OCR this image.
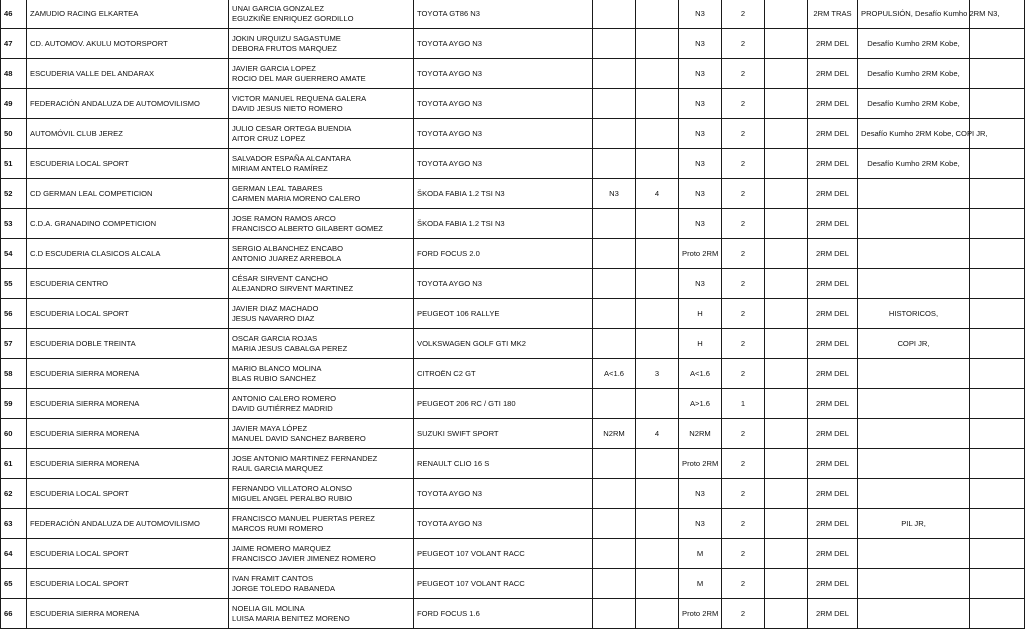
46	ZAMUDIO RACING ELKARTEA	UNAI GARCIA GONZALEZ
EGUZKIÑE ENRIQUEZ GORDILLO	TOYOTA GT86 N3			N3	2		2RM TRAS	PROPULSIÓN, Desafío Kumho 2RM N3,	
47	CD. AUTOMOV. AKULU MOTORSPORT	JOKIN URQUIZU SAGASTUME
DEBORA FRUTOS MARQUEZ	TOYOTA AYGO N3			N3	2		2RM DEL	Desafío Kumho 2RM Kobe,	
48	ESCUDERIA VALLE DEL ANDARAX	JAVIER GARCIA LOPEZ
ROCIO DEL MAR GUERRERO AMATE	TOYOTA AYGO N3			N3	2		2RM DEL	Desafío Kumho 2RM Kobe,	
49	FEDERACIÓN ANDALUZA DE AUTOMOVILISMO	VICTOR MANUEL REQUENA GALERA
DAVID JESUS NIETO ROMERO	TOYOTA AYGO N3			N3	2		2RM DEL	Desafío Kumho 2RM Kobe,	
50	AUTOMÓVIL CLUB JEREZ	JULIO CESAR ORTEGA BUENDIA
AITOR CRUZ LOPEZ	TOYOTA AYGO N3			N3	2		2RM DEL	Desafío Kumho 2RM Kobe, COPI JR,	
51	ESCUDERIA LOCAL SPORT	SALVADOR ESPAÑA ALCANTARA
MIRIAM ANTELO RAMÍREZ	TOYOTA AYGO N3			N3	2		2RM DEL	Desafío Kumho 2RM Kobe,	
52	CD GERMAN LEAL COMPETICION	GERMAN LEAL TABARES
CARMEN MARIA MORENO CALERO	ŠKODA FABIA 1.2 TSI N3	N3	4	N3	2		2RM DEL		
53	C.D.A. GRANADINO COMPETICION	JOSE RAMON RAMOS ARCO
FRANCISCO ALBERTO GILABERT GOMEZ	ŠKODA FABIA 1.2 TSI N3			N3	2		2RM DEL		
54	C.D ESCUDERIA CLASICOS ALCALA	SERGIO ALBANCHEZ ENCABO
ANTONIO JUAREZ ARREBOLA	FORD FOCUS 2.0			Proto 2RM	2		2RM DEL		
55	ESCUDERIA CENTRO	CÉSAR SIRVENT CANCHO
ALEJANDRO SIRVENT MARTINEZ	TOYOTA AYGO N3			N3	2		2RM DEL		
56	ESCUDERIA LOCAL SPORT	JAVIER DIAZ MACHADO
JESUS NAVARRO DIAZ	PEUGEOT 106 RALLYE			H	2		2RM DEL	HISTORICOS,	
57	ESCUDERIA DOBLE TREINTA	OSCAR GARCIA ROJAS
MARIA JESUS CABALGA PEREZ	VOLKSWAGEN GOLF GTI MK2			H	2		2RM DEL	COPI JR,	
58	ESCUDERIA SIERRA MORENA	MARIO BLANCO MOLINA
BLAS RUBIO SANCHEZ	CITROËN C2 GT	A<1.6	3	A<1.6	2		2RM DEL		
59	ESCUDERIA SIERRA MORENA	ANTONIO CALERO ROMERO
DAVID GUTIÉRREZ MADRID	PEUGEOT 206 RC / GTI 180			A>1.6	1		2RM DEL		
60	ESCUDERIA SIERRA MORENA	JAVIER MAYA LÓPEZ
MANUEL DAVID SANCHEZ BARBERO	SUZUKI SWIFT SPORT	N2RM	4	N2RM	2		2RM DEL		
61	ESCUDERIA SIERRA MORENA	JOSE ANTONIO MARTINEZ FERNANDEZ
RAUL GARCIA MARQUEZ	RENAULT CLIO 16 S			Proto 2RM	2		2RM DEL		
62	ESCUDERIA LOCAL SPORT	FERNANDO VILLATORO ALONSO
MIGUEL ANGEL PERALBO RUBIO	TOYOTA AYGO N3			N3	2		2RM DEL		
63	FEDERACIÓN ANDALUZA DE AUTOMOVILISMO	FRANCISCO MANUEL PUERTAS PEREZ
MARCOS RUMI ROMERO	TOYOTA AYGO N3			N3	2		2RM DEL	PIL JR,	
64	ESCUDERIA LOCAL SPORT	JAIME ROMERO MARQUEZ
FRANCISCO JAVIER JIMENEZ ROMERO	PEUGEOT 107 VOLANT RACC			M	2		2RM DEL		
65	ESCUDERIA LOCAL SPORT	IVAN FRAMIT CANTOS
JORGE TOLEDO RABANEDA	PEUGEOT 107 VOLANT RACC			M	2		2RM DEL		
66	ESCUDERIA SIERRA MORENA	NOELIA GIL MOLINA
LUISA MARIA BENITEZ MORENO	FORD FOCUS 1.6			Proto 2RM	2		2RM DEL		
